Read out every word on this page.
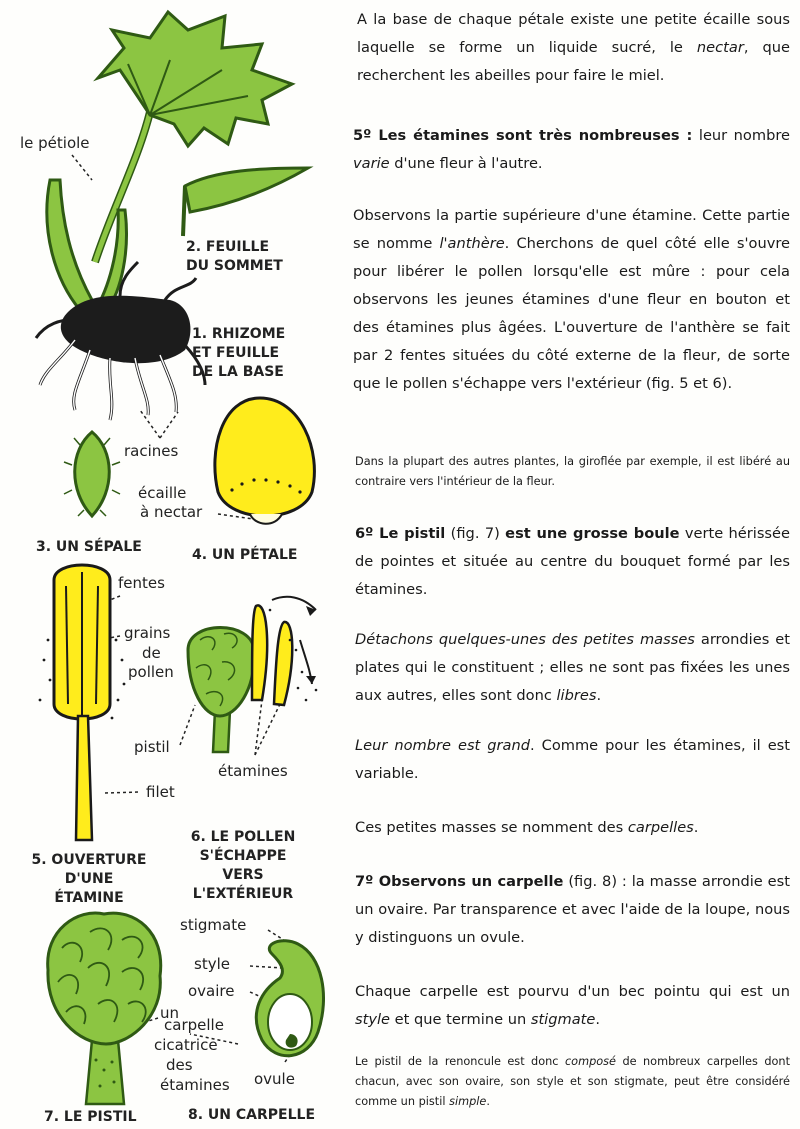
le pétiole
racines
écaille
à nectar
fentes
grains
de
pollen
pistil
filet
étamines
stigmate
style
ovaire
un
carpelle
cicatrice
des
étamines ovule
2. FEUILLE
DU SOMMET
1. RHIZOME
ET FEUILLE
DE LA BASE
3. UN SÉPALE	4. UN PÉTALE
5. OUVERTURE
D'UNE
ÉTAMINE
6. LE POLLEN
S'ÉCHAPPE
VERS
L'EXTÉRIEUR
7. LE PISTIL	8. UN CARPELLE

A la base de chaque pétale existe une petite écaille sous laquelle se forme un liquide sucré, le nectar, que recherchent les abeilles pour faire le miel.

5º Les étamines sont très nombreuses : leur nombre varie d'une fleur à l'autre.

Observons la partie supérieure d'une étamine. Cette partie se nomme l'anthère. Cherchons de quel côté elle s'ouvre pour libérer le pollen lorsqu'elle est mûre : pour cela observons les jeunes étamines d'une fleur en bouton et des étamines plus âgées. L'ouverture de l'anthère se fait par 2 fentes situées du côté externe de la fleur, de sorte que le pollen s'échappe vers l'extérieur (fig. 5 et 6).

Dans la plupart des autres plantes, la giroflée par exemple, il est libéré au contraire vers l'intérieur de la fleur.

6º Le pistil (fig. 7) est une grosse boule verte hérissée de pointes et située au centre du bouquet formé par les étamines.

Détachons quelques-unes des petites masses arrondies et plates qui le constituent ; elles ne sont pas fixées les unes aux autres, elles sont donc libres.

Leur nombre est grand. Comme pour les étamines, il est variable.

Ces petites masses se nomment des carpelles.

7º Observons un carpelle (fig. 8) : la masse arrondie est un ovaire. Par transparence et avec l'aide de la loupe, nous y distinguons un ovule.

Chaque carpelle est pourvu d'un bec pointu qui est un style et que termine un stigmate.

Le pistil de la renoncule est donc composé de nombreux carpelles dont chacun, avec son ovaire, son style et son stigmate, peut être considéré comme un pistil simple.
